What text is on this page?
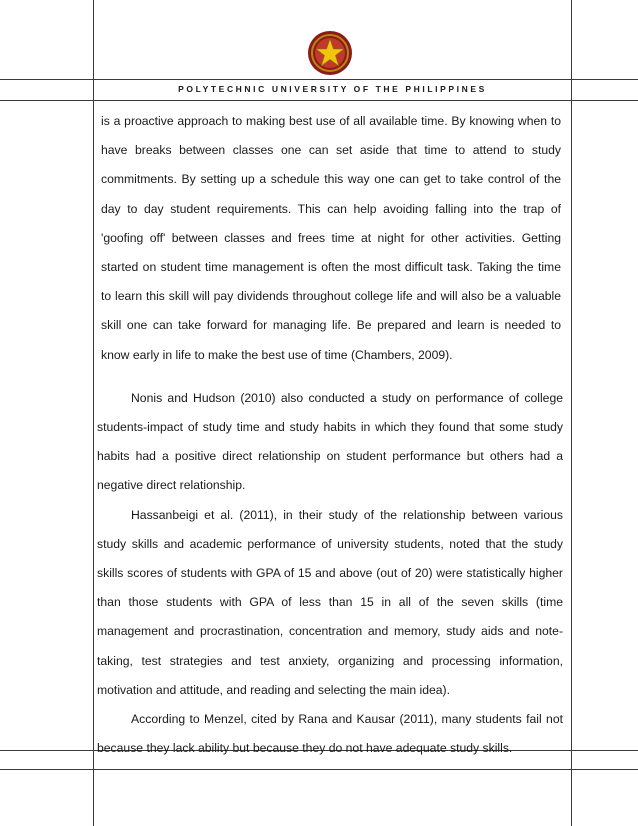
POLYTECHNIC UNIVERSITY OF THE PHILIPPINES

is a proactive approach to making best use of all available time. By knowing when to have breaks between classes one can set aside that time to attend to study commitments. By setting up a schedule this way one can get to take control of the day to day student requirements. This can help avoiding falling into the trap of 'goofing off' between classes and frees time at night for other activities. Getting started on student time management is often the most difficult task. Taking the time to learn this skill will pay dividends throughout college life and will also be a valuable skill one can take forward for managing life. Be prepared and learn is needed to know early in life to make the best use of time (Chambers, 2009).

Nonis and Hudson (2010) also conducted a study on performance of college students-impact of study time and study habits in which they found that some study habits had a positive direct relationship on student performance but others had a negative direct relationship.

Hassanbeigi et al. (2011), in their study of the relationship between various study skills and academic performance of university students, noted that the study skills scores of students with GPA of 15 and above (out of 20) were statistically higher than those students with GPA of less than 15 in all of the seven skills (time management and procrastination, concentration and memory, study aids and note-taking, test strategies and test anxiety, organizing and processing information, motivation and attitude, and reading and selecting the main idea).

According to Menzel, cited by Rana and Kausar (2011), many students fail not because they lack ability but because they do not have adequate study skills.
